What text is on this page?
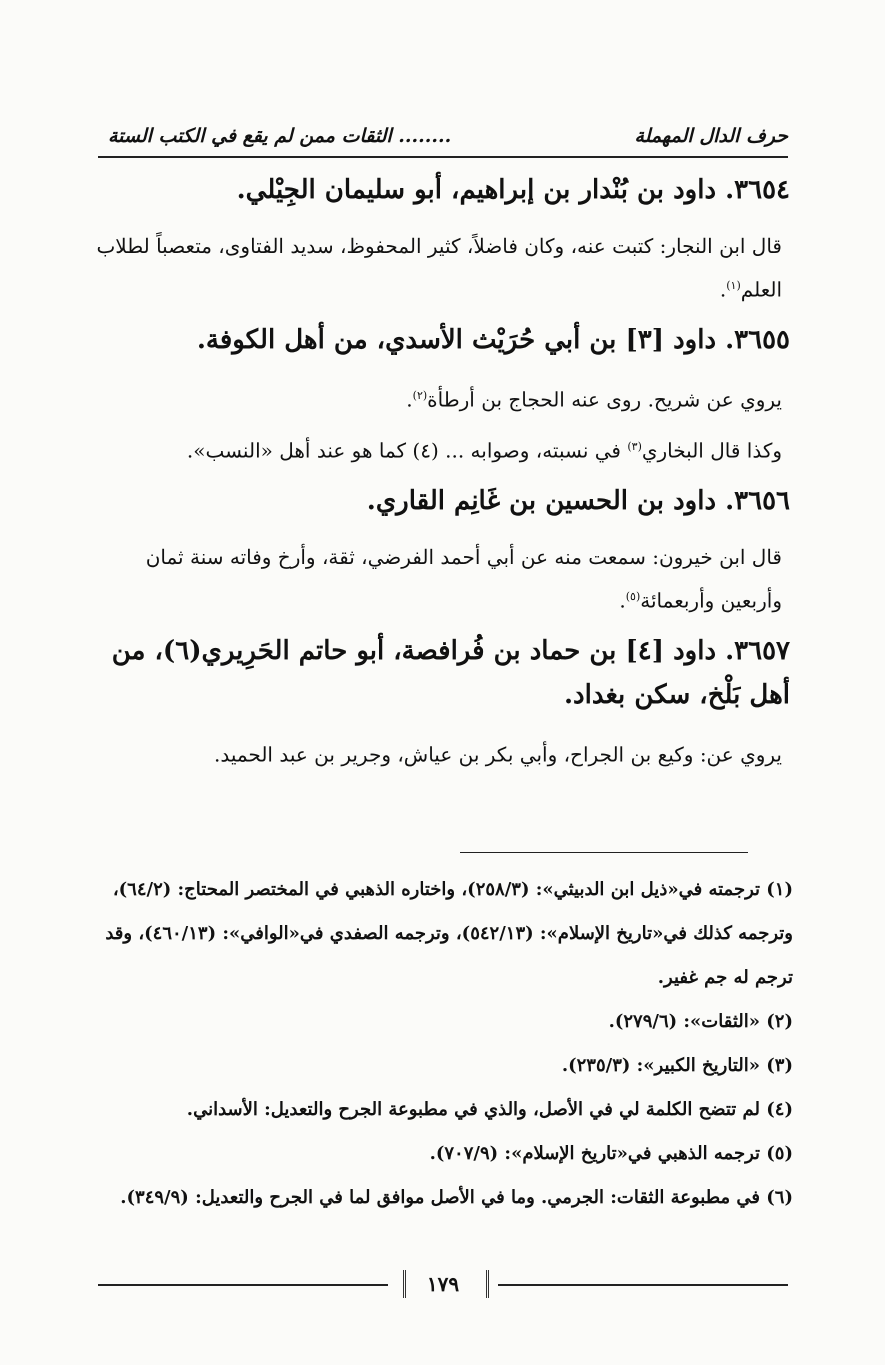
حرف الدال المهملة
........ الثقات ممن لم يقع في الكتب الستة
٣٦٥٤. داود بن بُنْدار بن إبراهيم، أبو سليمان الجِيْلي.

قال ابن النجار: كتبت عنه، وكان فاضلاً، كثير المحفوظ، سديد الفتاوى، متعصباً لطلاب العلم$^{(١)}$.

٣٦٥٥. داود [٣] بن أبي حُرَيْث الأسدي، من أهل الكوفة.

يروي عن شريح. روى عنه الحجاج بن أرطأة$^{(٢)}$.

وكذا قال البخاري$^{(٣)}$ في نسبته، وصوابه ... (٤) كما هو عند أهل «النسب».

٣٦٥٦. داود بن الحسين بن غَانِم القاري.

قال ابن خيرون: سمعت منه عن أبي أحمد الفرضي، ثقة، وأرخ وفاته سنة ثمان وأربعين وأربعمائة$^{(٥)}$.

٣٦٥٧. داود [٤] بن حماد بن فُرافصة، أبو حاتم الحَرِيري(٦)، من أهل بَلْخ، سكن بغداد.

يروي عن: وكيع بن الجراح، وأبي بكر بن عياش، وجرير بن عبد الحميد.

(١) ترجمته في«ذيل ابن الدبيثي»: (٢٥٨/٣)، واختاره الذهبي في المختصر المحتاج: (٦٤/٢)، وترجمه كذلك في«تاريخ الإسلام»: (٥٤٢/١٣)، وترجمه الصفدي في«الوافي»: (٤٦٠/١٣)، وقد ترجم له جم غفير.

(٢) «الثقات»: (٢٧٩/٦).

(٣) «التاريخ الكبير»: (٢٣٥/٣).

(٤) لم تتضح الكلمة لي في الأصل، والذي في مطبوعة الجرح والتعديل: الأسداني.

(٥) ترجمه الذهبي في«تاريخ الإسلام»: (٧٠٧/٩).

(٦) في مطبوعة الثقات: الجرمي. وما في الأصل موافق لما في الجرح والتعديل: (٣٤٩/٩).

١٧٩
